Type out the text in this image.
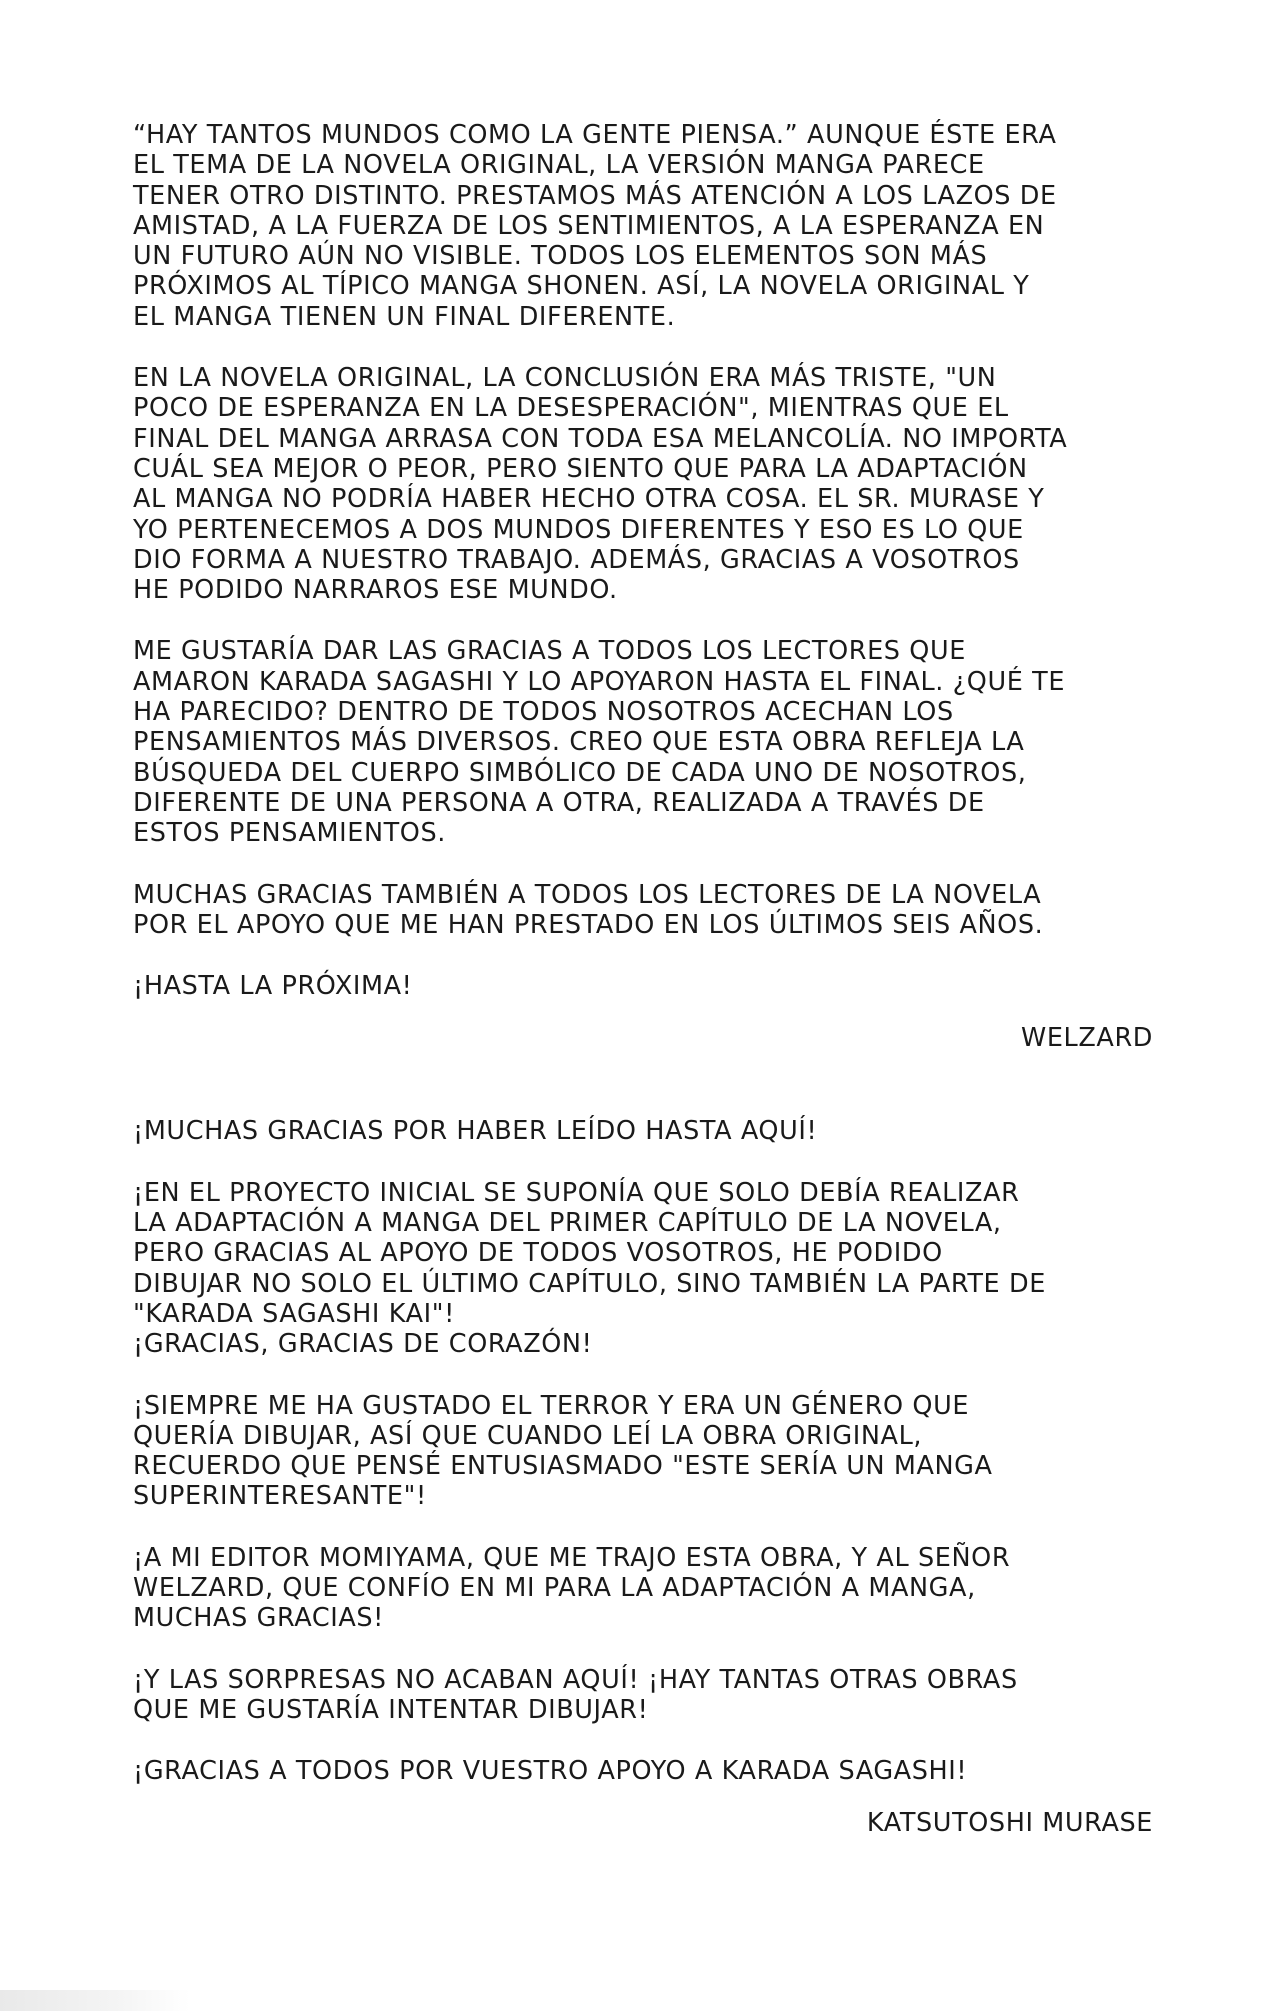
“HAY TANTOS MUNDOS COMO LA GENTE PIENSA.” AUNQUE ÉSTE ERA
EL TEMA DE LA NOVELA ORIGINAL, LA VERSIÓN MANGA PARECE
TENER OTRO DISTINTO. PRESTAMOS MÁS ATENCIÓN A LOS LAZOS DE
AMISTAD, A LA FUERZA DE LOS SENTIMIENTOS, A LA ESPERANZA EN
UN FUTURO AÚN NO VISIBLE. TODOS LOS ELEMENTOS SON MÁS
PRÓXIMOS AL TÍPICO MANGA SHONEN. ASÍ, LA NOVELA ORIGINAL Y
EL MANGA TIENEN UN FINAL DIFERENTE.
EN LA NOVELA ORIGINAL, LA CONCLUSIÓN ERA MÁS TRISTE, "UN
POCO DE ESPERANZA EN LA DESESPERACIÓN", MIENTRAS QUE EL
FINAL DEL MANGA ARRASA CON TODA ESA MELANCOLÍA. NO IMPORTA
CUÁL SEA MEJOR O PEOR, PERO SIENTO QUE PARA LA ADAPTACIÓN
AL MANGA NO PODRÍA HABER HECHO OTRA COSA. EL SR. MURASE Y
YO PERTENECEMOS A DOS MUNDOS DIFERENTES Y ESO ES LO QUE
DIO FORMA A NUESTRO TRABAJO. ADEMÁS, GRACIAS A VOSOTROS
HE PODIDO NARRAROS ESE MUNDO.
ME GUSTARÍA DAR LAS GRACIAS A TODOS LOS LECTORES QUE
AMARON KARADA SAGASHI Y LO APOYARON HASTA EL FINAL. ¿QUÉ TE
HA PARECIDO? DENTRO DE TODOS NOSOTROS ACECHAN LOS
PENSAMIENTOS MÁS DIVERSOS. CREO QUE ESTA OBRA REFLEJA LA
BÚSQUEDA DEL CUERPO SIMBÓLICO DE CADA UNO DE NOSOTROS,
DIFERENTE DE UNA PERSONA A OTRA, REALIZADA A TRAVÉS DE
ESTOS PENSAMIENTOS.
MUCHAS GRACIAS TAMBIÉN A TODOS LOS LECTORES DE LA NOVELA
POR EL APOYO QUE ME HAN PRESTADO EN LOS ÚLTIMOS SEIS AÑOS.
¡HASTA LA PRÓXIMA!
WELZARD
¡MUCHAS GRACIAS POR HABER LEÍDO HASTA AQUÍ!
¡EN EL PROYECTO INICIAL SE SUPONÍA QUE SOLO DEBÍA REALIZAR
LA ADAPTACIÓN A MANGA DEL PRIMER CAPÍTULO DE LA NOVELA,
PERO GRACIAS AL APOYO DE TODOS VOSOTROS, HE PODIDO
DIBUJAR NO SOLO EL ÚLTIMO CAPÍTULO, SINO TAMBIÉN LA PARTE DE
"KARADA SAGASHI KAI"!
¡GRACIAS, GRACIAS DE CORAZÓN!
¡SIEMPRE ME HA GUSTADO EL TERROR Y ERA UN GÉNERO QUE
QUERÍA DIBUJAR, ASÍ QUE CUANDO LEÍ LA OBRA ORIGINAL,
RECUERDO QUE PENSÉ ENTUSIASMADO "ESTE SERÍA UN MANGA
SUPERINTERESANTE"!
¡A MI EDITOR MOMIYAMA, QUE ME TRAJO ESTA OBRA, Y AL SEÑOR
WELZARD, QUE CONFÍO EN MI PARA LA ADAPTACIÓN A MANGA,
MUCHAS GRACIAS!
¡Y LAS SORPRESAS NO ACABAN AQUÍ! ¡HAY TANTAS OTRAS OBRAS
QUE ME GUSTARÍA INTENTAR DIBUJAR!
¡GRACIAS A TODOS POR VUESTRO APOYO A KARADA SAGASHI!
KATSUTOSHI MURASE
